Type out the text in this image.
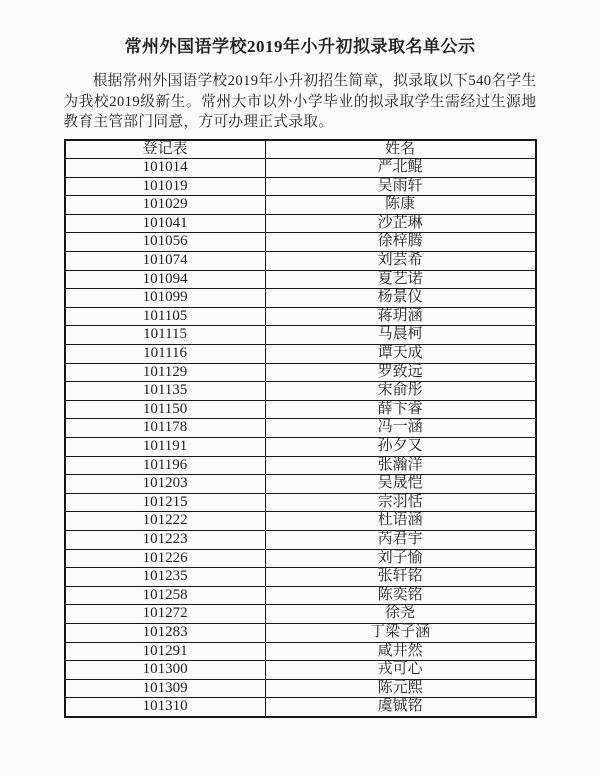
常州外国语学校2019年小升初拟录取名单公示

根据常州外国语学校2019年小升初招生简章，拟录取以下540名学生为我校2019级新生。常州大市以外小学毕业的拟录取学生需经过生源地教育主管部门同意，方可办理正式录取。

登记表	姓名
101014	严北鲲
101019	吴雨轩
101029	陈康
101041	沙芷琳
101056	徐梓腾
101074	刘芸希
101094	夏艺诺
101099	杨景仪
101105	蒋玥涵
101115	马晨柯
101116	谭天成
101129	罗致远
101135	宋俞彤
101150	薛卞睿
101178	冯一涵
101191	孙夕又
101196	张瀚洋
101203	吴晟恺
101215	宗羽恬
101222	杜语涵
101223	芮君宇
101226	刘子愉
101235	张轩铭
101258	陈奕铭
101272	徐尧
101283	丁梁子涵
101291	咸井然
101300	戎可心
101309	陈元熙
101310	虞铖铭
